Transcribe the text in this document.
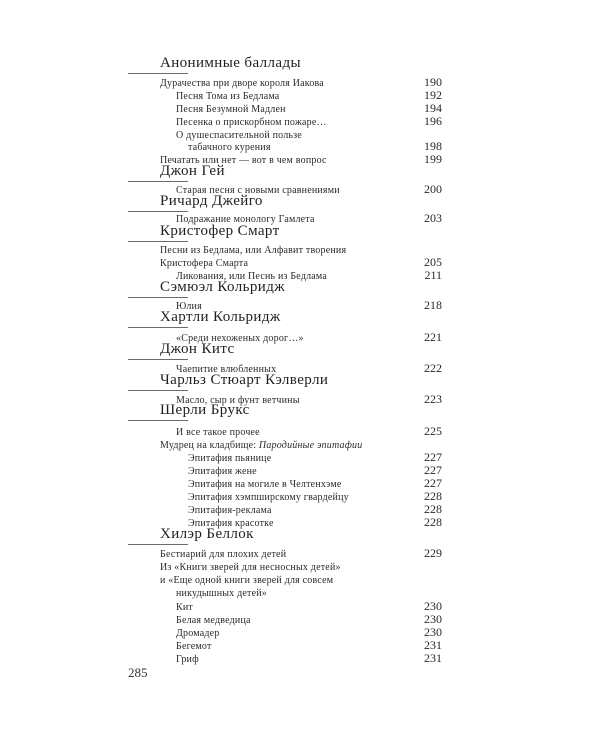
Анонимные баллады
Дурачества при дворе короля Иакова	190
Песня Тома из Бедлама	192
Песня Безумной Мадлен	194
Песенка о прискорбном пожаре…	196
О душеспасительной пользе
табачного курения	198
Печатать или нет — вот в чем вопрос	199
Джон Гей
Старая песня с новыми сравнениями	200
Ричард Джейго
Подражание монологу Гамлета	203
Кристофер Смарт
Песни из Бедлама, или Алфавит творения
Кристофера Смарта	205
Ликования, или Песнь из Бедлама	211
Сэмюэл Кольридж
Юлия	218
Хартли Кольридж
«Среди нехоженых дорог…»	221
Джон Китс
Чаепитие влюбленных	222
Чарльз Стюарт Кэлверли
Масло, сыр и фунт ветчины	223
Шерли Брукс
И все такое прочее	225
Мудрец на кладбище: Пародийные эпитафии
Эпитафия пьянице	227
Эпитафия жене	227
Эпитафия на могиле в Челтенхэме	227
Эпитафия хэмпширскому гвардейцу	228
Эпитафия-реклама	228
Эпитафия красотке	228
Хилэр Беллок
Бестиарий для плохих детей	229
Из «Книги зверей для несносных детей»
и «Еще одной книги зверей для совсем
никудышных детей»
Кит	230
Белая медведица	230
Дромадер	230
Бегемот	231
Гриф	231
285
